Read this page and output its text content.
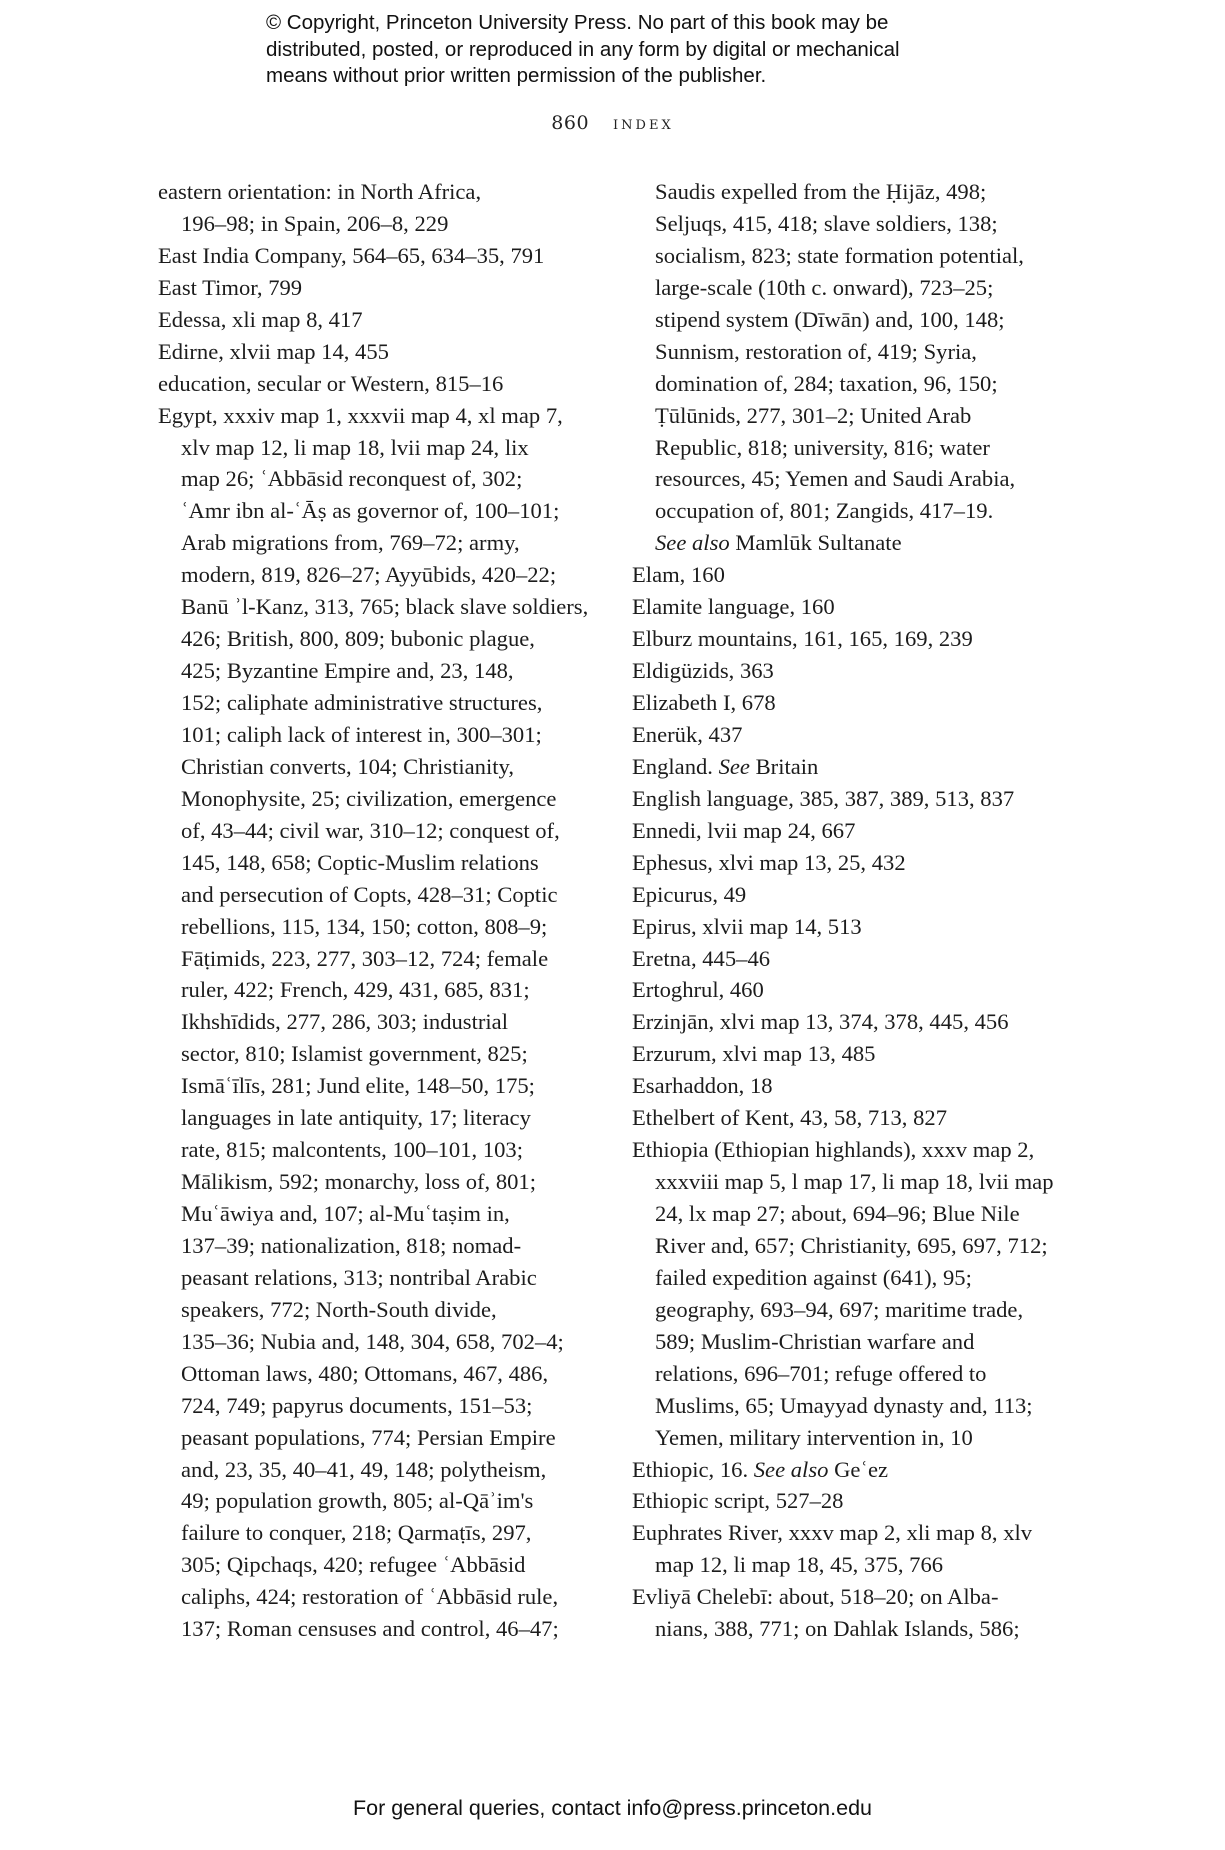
© Copyright, Princeton University Press. No part of this book may be
distributed, posted, or reproduced in any form by digital or mechanical
means without prior written permission of the publisher.
860 index
eastern orientation: in North Africa,
196–98; in Spain, 206–8, 229
East India Company, 564–65, 634–35, 791
East Timor, 799
Edessa, xli map 8, 417
Edirne, xlvii map 14, 455
education, secular or Western, 815–16
Egypt, xxxiv map 1, xxxvii map 4, xl map 7,
xlv map 12, li map 18, lvii map 24, lix
map 26; ʿAbbāsid reconquest of, 302;
ʿAmr ibn al-ʿĀṣ as governor of, 100–101;
Arab migrations from, 769–72; army,
modern, 819, 826–27; Ayyūbids, 420–22;
Banū ʾl-Kanz, 313, 765; black slave soldiers,
426; British, 800, 809; bubonic plague,
425; Byzantine Empire and, 23, 148,
152; caliphate administrative structures,
101; caliph lack of interest in, 300–301;
Christian converts, 104; Christianity,
Monophysite, 25; civilization, emergence
of, 43–44; civil war, 310–12; conquest of,
145, 148, 658; Coptic-Muslim relations
and persecution of Copts, 428–31; Coptic
rebellions, 115, 134, 150; cotton, 808–9;
Fāṭimids, 223, 277, 303–12, 724; female
ruler, 422; French, 429, 431, 685, 831;
Ikhshīdids, 277, 286, 303; industrial
sector, 810; Islamist government, 825;
Ismāʿīlīs, 281; Jund elite, 148–50, 175;
languages in late antiquity, 17; literacy
rate, 815; malcontents, 100–101, 103;
Mālikism, 592; monarchy, loss of, 801;
Muʿāwiya and, 107; al-Muʿtaṣim in,
137–39; nationalization, 818; nomad-
peasant relations, 313; nontribal Arabic
speakers, 772; North-South divide,
135–36; Nubia and, 148, 304, 658, 702–4;
Ottoman laws, 480; Ottomans, 467, 486,
724, 749; papyrus documents, 151–53;
peasant populations, 774; Persian Empire
and, 23, 35, 40–41, 49, 148; polytheism,
49; population growth, 805; al-Qāʾim's
failure to conquer, 218; Qarmaṭīs, 297,
305; Qipchaqs, 420; refugee ʿAbbāsid
caliphs, 424; restoration of ʿAbbāsid rule,
137; Roman censuses and control, 46–47;
Saudis expelled from the Ḥijāz, 498;
Seljuqs, 415, 418; slave soldiers, 138;
socialism, 823; state formation potential,
large-scale (10th c. onward), 723–25;
stipend system (Dīwān) and, 100, 148;
Sunnism, restoration of, 419; Syria,
domination of, 284; taxation, 96, 150;
Ṭūlūnids, 277, 301–2; United Arab
Republic, 818; university, 816; water
resources, 45; Yemen and Saudi Arabia,
occupation of, 801; Zangids, 417–19.
See also Mamlūk Sultanate
Elam, 160
Elamite language, 160
Elburz mountains, 161, 165, 169, 239
Eldigüzids, 363
Elizabeth I, 678
Enerük, 437
England. See Britain
English language, 385, 387, 389, 513, 837
Ennedi, lvii map 24, 667
Ephesus, xlvi map 13, 25, 432
Epicurus, 49
Epirus, xlvii map 14, 513
Eretna, 445–46
Ertoghrul, 460
Erzinjān, xlvi map 13, 374, 378, 445, 456
Erzurum, xlvi map 13, 485
Esarhaddon, 18
Ethelbert of Kent, 43, 58, 713, 827
Ethiopia (Ethiopian highlands), xxxv map 2,
xxxviii map 5, l map 17, li map 18, lvii map
24, lx map 27; about, 694–96; Blue Nile
River and, 657; Christianity, 695, 697, 712;
failed expedition against (641), 95;
geography, 693–94, 697; maritime trade,
589; Muslim-Christian warfare and
relations, 696–701; refuge offered to
Muslims, 65; Umayyad dynasty and, 113;
Yemen, military intervention in, 10
Ethiopic, 16. See also Geʿez
Ethiopic script, 527–28
Euphrates River, xxxv map 2, xli map 8, xlv
map 12, li map 18, 45, 375, 766
Evliyā Chelebī: about, 518–20; on Alba-
nians, 388, 771; on Dahlak Islands, 586;
For general queries, contact info@press.princeton.edu
